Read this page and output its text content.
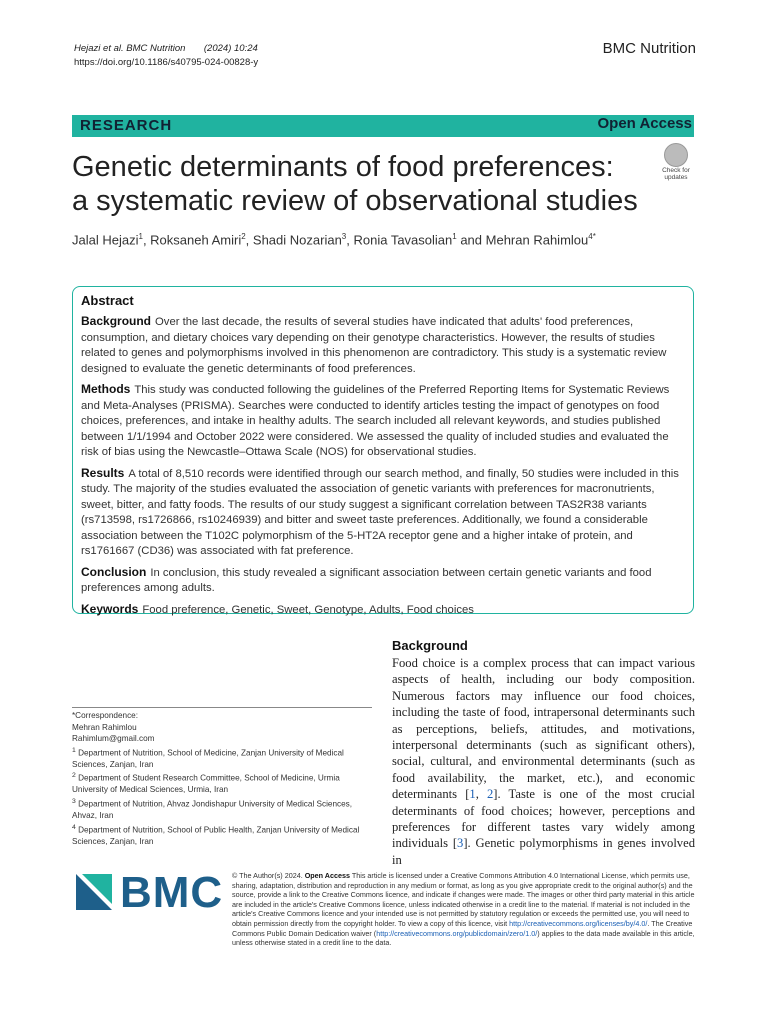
Hejazi et al. BMC Nutrition (2024) 10:24
https://doi.org/10.1186/s40795-024-00828-y
BMC Nutrition
RESEARCH	Open Access
Genetic determinants of food preferences:
a systematic review of observational studies
Check for
updates
Jalal Hejazi$^1$, Roksaneh Amiri$^2$, Shadi Nozarian$^3$, Ronia Tavasolian$^1$ and Mehran Rahimlou$^{4*}$
Abstract

Background Over the last decade, the results of several studies have indicated that adults' food preferences, consumption, and dietary choices vary depending on their genotype characteristics. However, the results of studies related to genes and polymorphisms involved in this phenomenon are contradictory. This study is a systematic review designed to evaluate the genetic determinants of food preferences.

Methods This study was conducted following the guidelines of the Preferred Reporting Items for Systematic Reviews and Meta-Analyses (PRISMA). Searches were conducted to identify articles testing the impact of genotypes on food choices, preferences, and intake in healthy adults. The search included all relevant keywords, and studies published between 1/1/1994 and October 2022 were considered. We assessed the quality of included studies and evaluated the risk of bias using the Newcastle–Ottawa Scale (NOS) for observational studies.

Results A total of 8,510 records were identified through our search method, and finally, 50 studies were included in this study. The majority of the studies evaluated the association of genetic variants with preferences for macronutrients, sweet, bitter, and fatty foods. The results of our study suggest a significant correlation between TAS2R38 variants (rs713598, rs1726866, rs10246939) and bitter and sweet taste preferences. Additionally, we found a considerable association between the T102C polymorphism of the 5-HT2A receptor gene and a higher intake of protein, and rs1761667 (CD36) was associated with fat preference.

Conclusion In conclusion, this study revealed a significant association between certain genetic variants and food preferences among adults.

Keywords Food preference, Genetic, Sweet, Genotype, Adults, Food choices

*Correspondence:

Mehran Rahimlou

Rahimlum@gmail.com

$^1$ Department of Nutrition, School of Medicine, Zanjan University of Medical Sciences, Zanjan, Iran

$^2$ Department of Student Research Committee, School of Medicine, Urmia University of Medical Sciences, Urmia, Iran

$^3$ Department of Nutrition, Ahvaz Jondishapur University of Medical Sciences, Ahvaz, Iran

$^4$ Department of Nutrition, School of Public Health, Zanjan University of Medical Sciences, Zanjan, Iran

Background
Food choice is a complex process that can impact various aspects of health, including our body composition. Numerous factors may influence our food choices, including the taste of food, intrapersonal determinants such as perceptions, beliefs, attitudes, and motivations, interpersonal determinants (such as significant others), social, cultural, and environmental determinants (such as food availability, the market, etc.), and economic determinants [1, 2]. Taste is one of the most crucial determinants of food choices; however, perceptions and preferences for different tastes vary widely among individuals [3]. Genetic polymorphisms in genes involved in
BMC © The Author(s) 2024. Open Access This article is licensed under a Creative Commons Attribution 4.0 International License, which permits use, sharing, adaptation, distribution and reproduction in any medium or format, as long as you give appropriate credit to the original author(s) and the source, provide a link to the Creative Commons licence, and indicate if changes were made. The images or other third party material in this article are included in the article's Creative Commons licence, unless indicated otherwise in a credit line to the material. If material is not included in the article's Creative Commons licence and your intended use is not permitted by statutory regulation or exceeds the permitted use, you will need to obtain permission directly from the copyright holder. To view a copy of this licence, visit http://creativecommons.org/licenses/by/4.0/. The Creative Commons Public Domain Dedication waiver (http://creativecommons.org/publicdomain/zero/1.0/) applies to the data made available in this article, unless otherwise stated in a credit line to the data.
